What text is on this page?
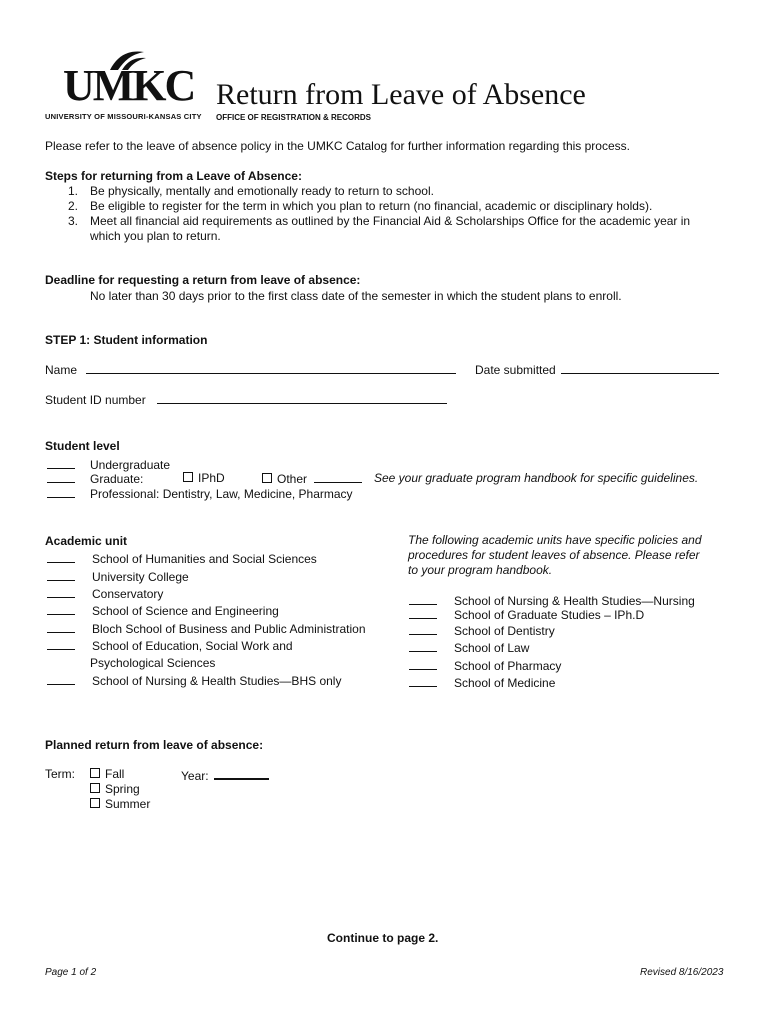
UMKC
UNIVERSITY OF MISSOURI-KANSAS CITY
Return from Leave of Absence
OFFICE OF REGISTRATION & RECORDS
Please refer to the leave of absence policy in the UMKC Catalog for further information regarding this process.
Steps for returning from a Leave of Absence:
1. Be physically, mentally and emotionally ready to return to school.
2. Be eligible to register for the term in which you plan to return (no financial, academic or disciplinary holds).
3. Meet all financial aid requirements as outlined by the Financial Aid & Scholarships Office for the academic year in
which you plan to return.
Deadline for requesting a return from leave of absence:
No later than 30 days prior to the first class date of the semester in which the student plans to enroll.
STEP 1: Student information
Name	Date submitted
Student ID number
Student level
Undergraduate
Graduate:	IPhD	Other	See your graduate program handbook for specific guidelines.
Professional: Dentistry, Law, Medicine, Pharmacy
Academic unit
School of Humanities and Social Sciences
University College
Conservatory
School of Science and Engineering
Bloch School of Business and Public Administration
School of Education, Social Work and
Psychological Sciences
School of Nursing & Health Studies—BHS only
The following academic units have specific policies and
procedures for student leaves of absence. Please refer
to your program handbook.
School of Nursing & Health Studies—Nursing
School of Graduate Studies – IPh.D
School of Dentistry
School of Law
School of Pharmacy
School of Medicine
Planned return from leave of absence:
Term:	Fall
Spring
Summer
Year:
Continue to page 2.
Page 1 of 2	Revised 8/16/2023
